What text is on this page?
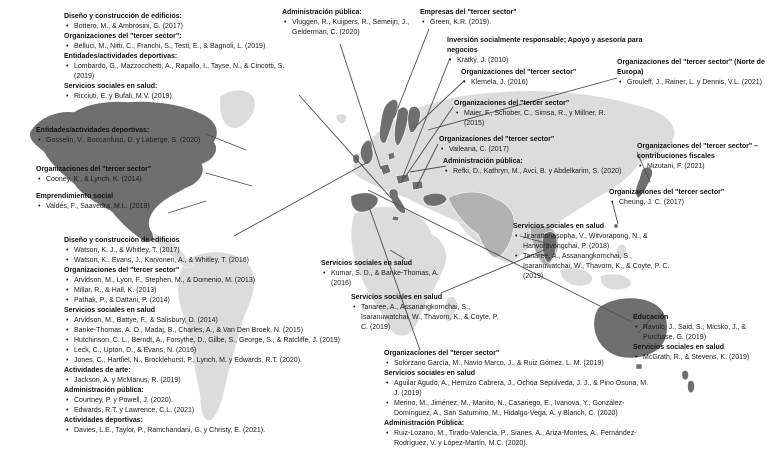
Diseño y construcción de edificios:
• Bottero, M., & Ambrosini, G. (2017)
Organizaciones del "tercer sector":
• Belluci, M., Nitti, C., Franchi, S., Testi, E., & Bagnoli, L. (2019)
Entidades/actividades deportivas:
• Lombardo, G., Mazzocchetti, A., Rapallo, I., Tayse, N., & Cincotti, S. (2019)
Servicios sociales en salud:
• Ricciuti, E. y Bufali, M.V. (2019)
Administración pública:
• Vluggen, R., Kuijpers, R., Semeijn, J., Gelderman, C. (2020)
Empresas del "tercer sector"
• Green, K.R. (2019).
Inversión socialmente responsable; Apoyo y asesoría para negocios
• Krátký, J. (2010)
Organizaciones del "tercer sector"
• Klemela, J. (2016)
Organizaciones del "tercer sector" (Norte de Europa)
• Grouleff, J., Rainer, L. y Dennis, V.L. (2021)
Organizaciones del "tercer sector"
• Maier, F., Schober, C., Simsa, R., y Millner, R. (2015)
Organizaciones del "tercer sector"
• Vaileana, C. (2017)
Administración pública:
• Refki, D., Kathryn, M., Avci, B. y Abdelkarim, S. (2020)
Organizaciones del "tercer sector" – contribuciones fiscales
• Mizutani, F. (2021)
Organizaciones del "tercer sector"
• Cheung, J. C. (2017)
Entidades/actividades deportivas:
• Gosselin, V., Boccanfuso, D. y Laberge, S. (2020)
Organizaciones del "tercer sector"
• Cooney, K., & Lynch, K. (2014)
Emprendimiento social
• Valdés, F., Saavedra, M.L. (2019)
Diseño y construcción de edificios
• Watson, K. J., & Whitley, T. (2017)
• Watson, K., Evans, J., Karvonen, A., & Whitley, T. (2016)
Organizaciones del "tercer sector"
• Arvidson, M., Lyon, F., Stephen, M., & Domenio, M. (2013)
• Millar, R., & Hall, K. (2013)
• Pathak, P., & Dattani, P. (2014)
Servicios sociales en salud
• Arvidson, M., Battye, F., & Salisbury, D. (2014)
• Banke-Thomas, A. O., Madaj, B., Charles, A., & Van Den Broek, N. (2015)
• Hutchinson, C. L., Berndt, A., Forsythe, D., Gilbe, S., George, S., & Ratcliffe, J. (2019)
• Leck, C., Upton, D., & Evans, N. (2016)
• Jones, C., Hartfiel, N., Brocklehurst, P., Lynch, M. y Edwards, R.T. (2020).
Actividades de arte:
• Jackson, A. y McManus, R. (2019)
Administración pública:
• Courtney, P. y Powell, J. (2020).
• Edwards, R.T. y Lawrence, C.L. (2021)
Actividades deportivas:
• Davies, L.E., Taylor, P., Ramchandani, G. y Christy, E. (2021).
Servicios sociales en salud
• Kumar, S. D., & Banke-Thomas, A. (2016)
Servicios sociales en salud
• Tanaree, A., Assanangkornchai, S., Isaranuwatchai, W., Thavorn, K., & Coyte, P. C. (2019)
Servicios sociales en salud
• Jirarattanasopha, V., Witvorapong, N., & Hanvoravongchai, P. (2018)
• Tanaree, A., Assanangkornchai, S., Isaranuwatchai, W., Thavorn, K., & Coyte, P. C. (2019)
Educación
• Ravulo, J., Said, S., Micsko, J., & Purchase, G. (2019)
Servicios sociales en salud
• McGrath, R., & Stevens, K. (2019)
Organizaciones del "tercer sector"
• Solórzano García, M., Navío Marco, J., & Ruiz Gómez, L. M. (2019)
Servicios sociales en salud
• Aguilar Agudo, A., Herruzo Cabrera, J., Ochoa Sepúlveda, J. J., & Pino Osuna, M. J. (2019)
• Merino, M., Jiménez, M., Manito, N., Casariego, E., Ivanova, Y., González-Domínguez, A., San Saturnino, M., Hidalgo-Vega, A. y Blanch, C. (2020)
Administración Pública:
• Ruiz-Lozano, M., Tirado-Valencia, P., Sianes, A., Ariza-Montes, A., Fernández-Rodríguez, V. y López-Martín, M.C. (2020).
